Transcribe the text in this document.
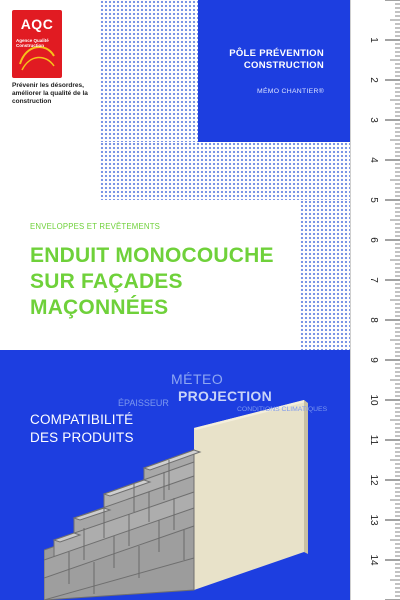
AQC
Agence Qualité Construction
Prévenir les désordres, améliorer la qualité de la construction
PÔLE PRÉVENTION
CONSTRUCTION
MÉMO CHANTIER®
ENVELOPPES ET REVÊTEMENTS
ENDUIT MONOCOUCHE
SUR FAÇADES
MAÇONNÉES
MÉTEO
ÉPAISSEUR PROJECTION
CONDITIONS CLIMATIQUES
COMPATIBILITÉ
DES PRODUITS
1
2
3
4
5
6
7
8
9
10
11
12
13
14
